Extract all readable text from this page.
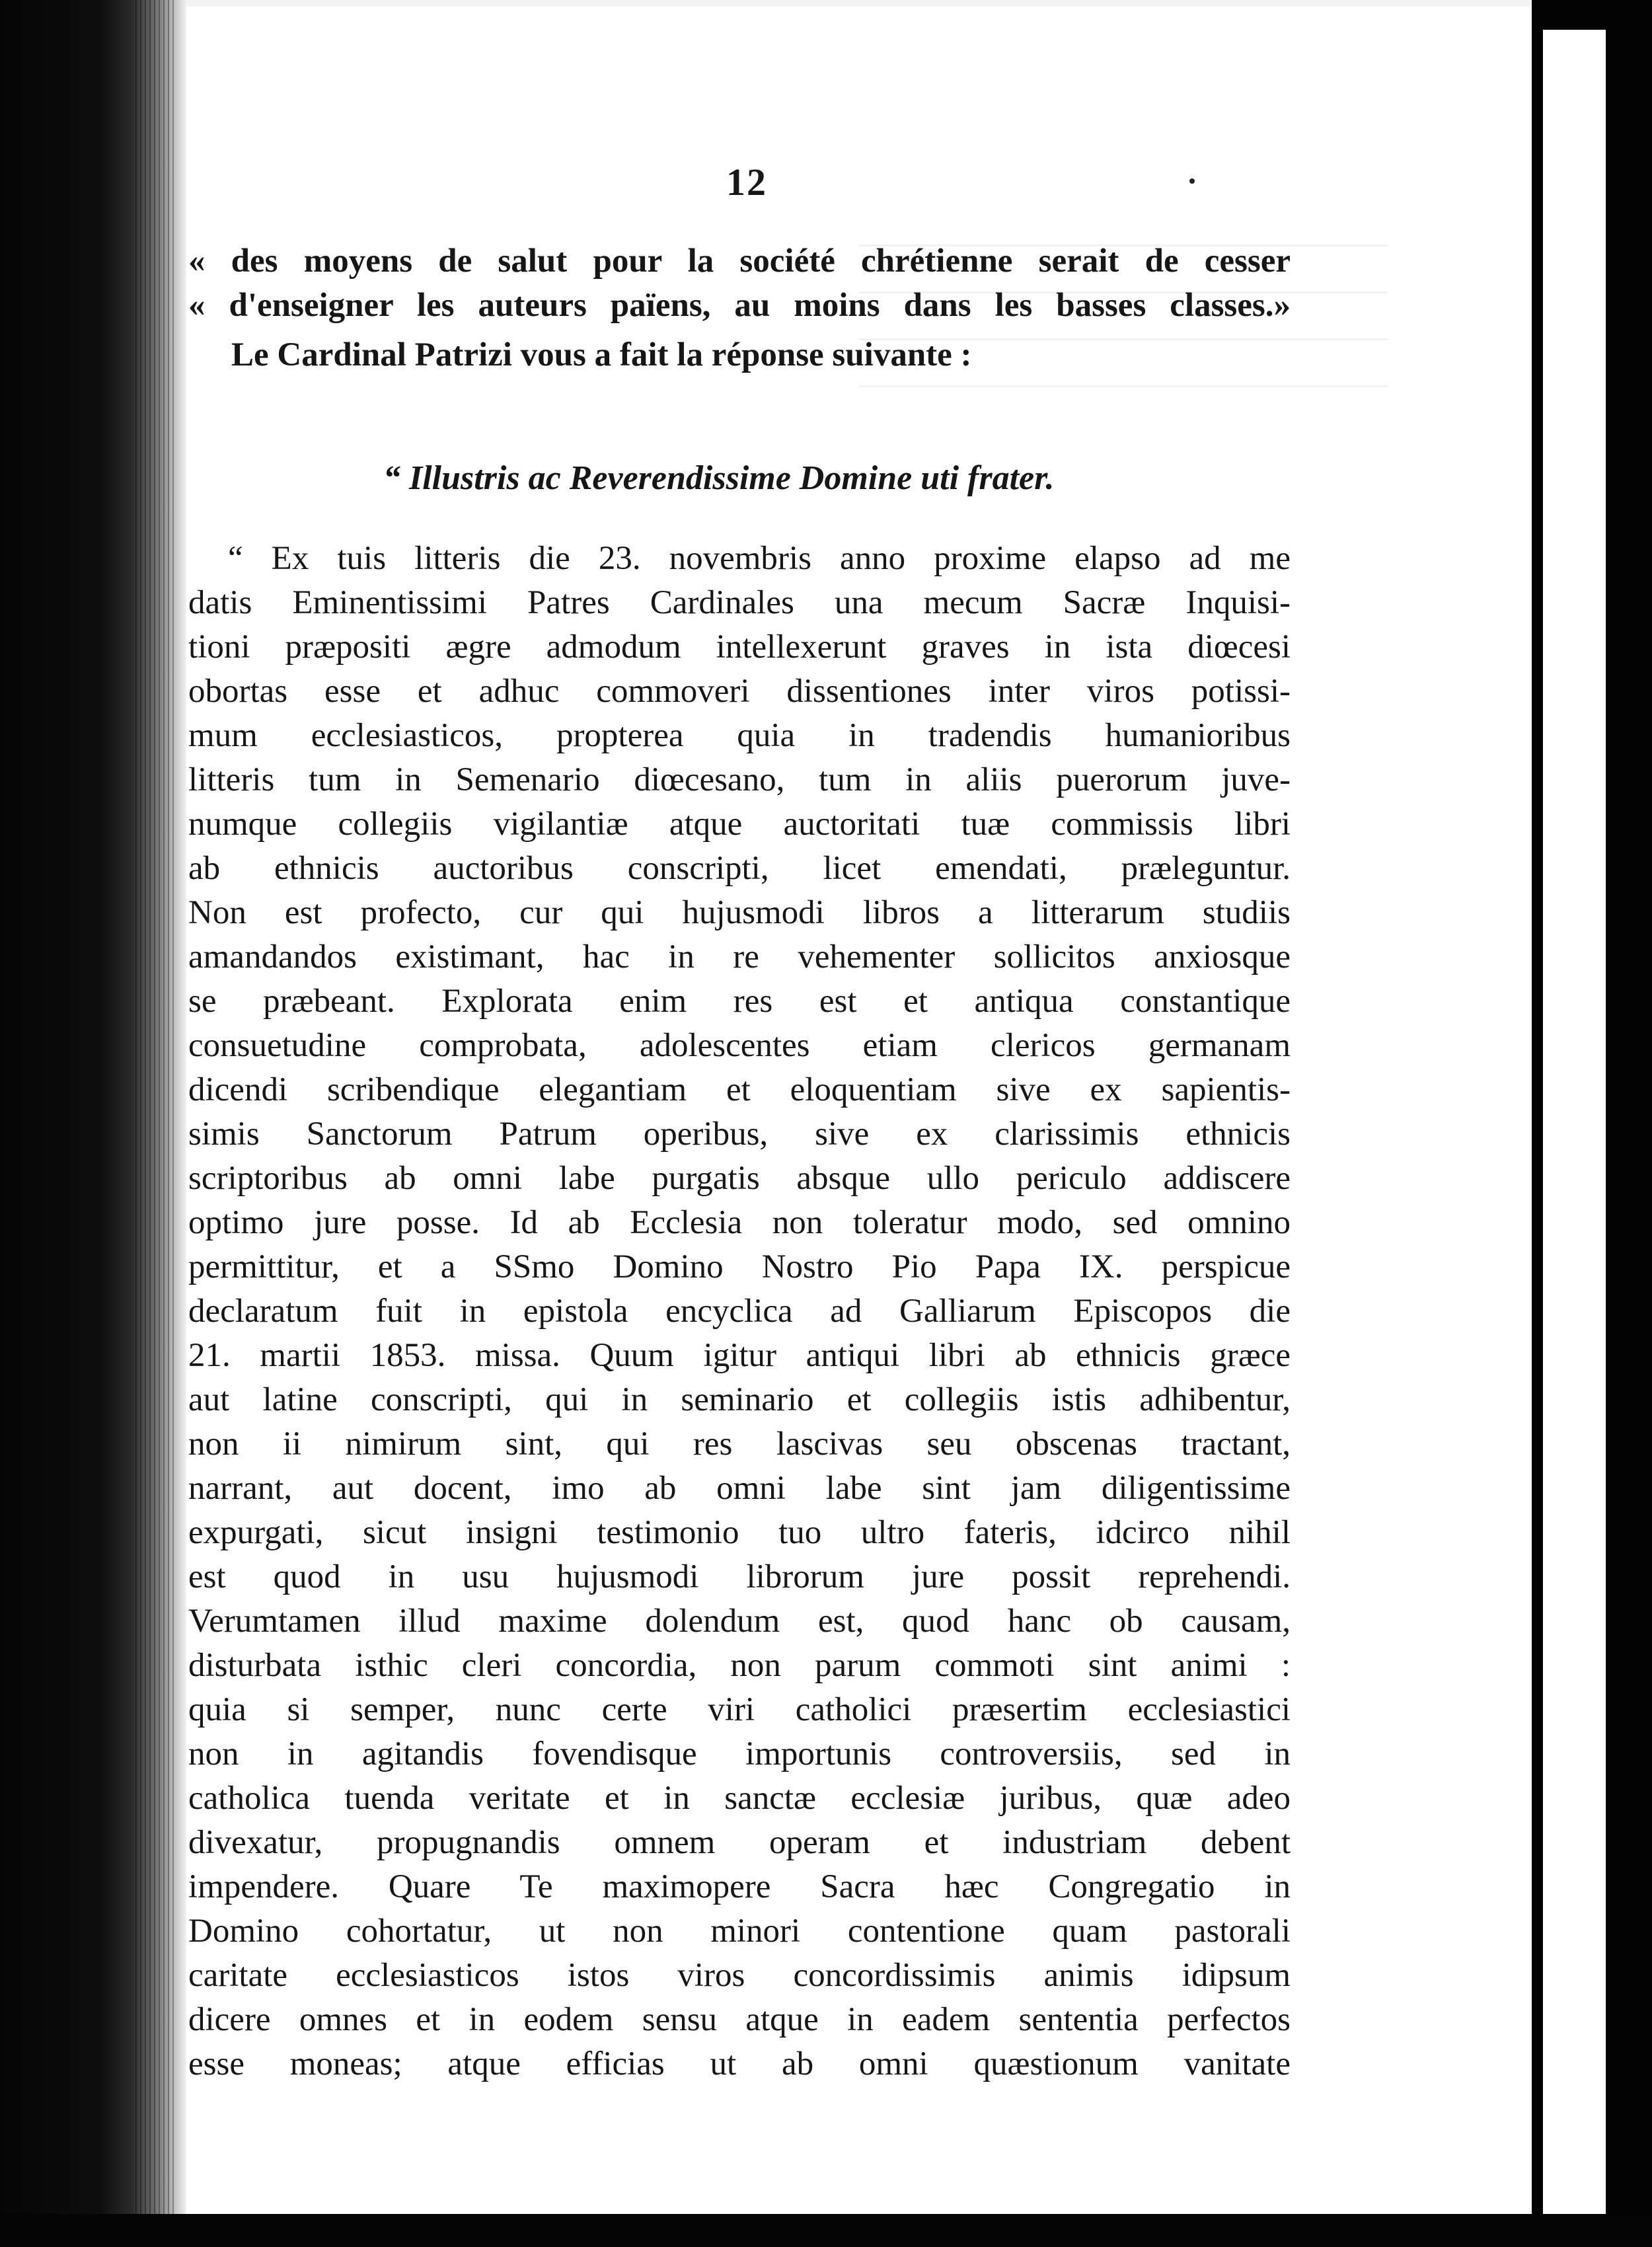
12
« des moyens de salut pour la société chrétienne serait de cesser
« d'enseigner les auteurs païens, au moins dans les basses classes.»
Le Cardinal Patrizi vous a fait la réponse suivante :
“ Illustris ac Reverendissime Domine uti frater.
“ Ex tuis litteris die 23. novembris anno proxime elapso ad me
datis Eminentissimi Patres Cardinales una mecum Sacræ Inquisi-
tioni præpositi ægre admodum intellexerunt graves in ista diœcesi
obortas esse et adhuc commoveri dissentiones inter viros potissi-
mum ecclesiasticos, propterea quia in tradendis humanioribus
litteris tum in Semenario diœcesano, tum in aliis puerorum juve-
numque collegiis vigilantiæ atque auctoritati tuæ commissis libri
ab ethnicis auctoribus conscripti, licet emendati, præleguntur.
Non est profecto, cur qui hujusmodi libros a litterarum studiis
amandandos existimant, hac in re vehementer sollicitos anxiosque
se præbeant. Explorata enim res est et antiqua constantique
consuetudine comprobata, adolescentes etiam clericos germanam
dicendi scribendique elegantiam et eloquentiam sive ex sapientis-
simis Sanctorum Patrum operibus, sive ex clarissimis ethnicis
scriptoribus ab omni labe purgatis absque ullo periculo addiscere
optimo jure posse. Id ab Ecclesia non toleratur modo, sed omnino
permittitur, et a SSmo Domino Nostro Pio Papa IX. perspicue
declaratum fuit in epistola encyclica ad Galliarum Episcopos die
21. martii 1853. missa. Quum igitur antiqui libri ab ethnicis græce
aut latine conscripti, qui in seminario et collegiis istis adhibentur,
non ii nimirum sint, qui res lascivas seu obscenas tractant,
narrant, aut docent, imo ab omni labe sint jam diligentissime
expurgati, sicut insigni testimonio tuo ultro fateris, idcirco nihil
est quod in usu hujusmodi librorum jure possit reprehendi.
Verumtamen illud maxime dolendum est, quod hanc ob causam,
disturbata isthic cleri concordia, non parum commoti sint animi :
quia si semper, nunc certe viri catholici præsertim ecclesiastici
non in agitandis fovendisque importunis controversiis, sed in
catholica tuenda veritate et in sanctæ ecclesiæ juribus, quæ adeo
divexatur, propugnandis omnem operam et industriam debent
impendere. Quare Te maximopere Sacra hæc Congregatio in
Domino cohortatur, ut non minori contentione quam pastorali
caritate ecclesiasticos istos viros concordissimis animis idipsum
dicere omnes et in eodem sensu atque in eadem sententia perfectos
esse moneas; atque efficias ut ab omni quæstionum vanitate
